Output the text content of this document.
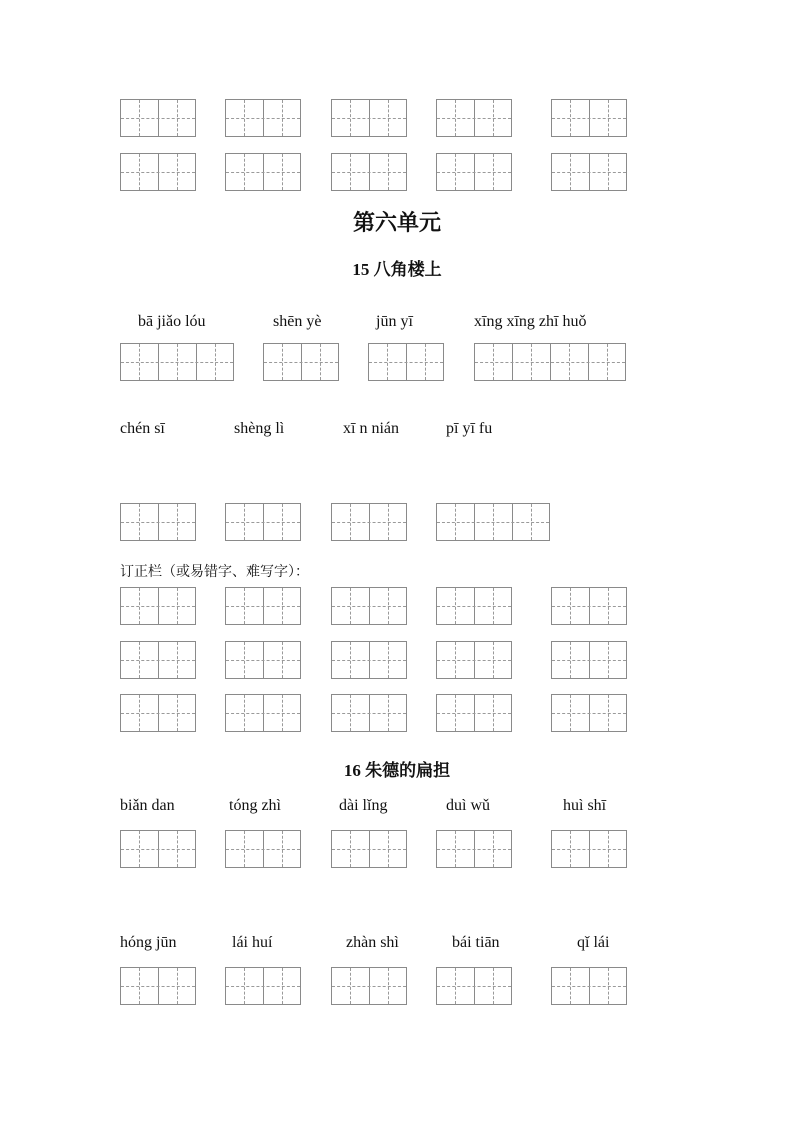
第六单元
15 八角楼上
bā jiǎo lóu	shēn yè	jūn yī	xīng xīng zhī huǒ
chén sī	shèng lì	xī n nián	pī yī fu
订正栏（或易错字、难写字）：
16 朱德的扁担
biǎn dan	tóng zhì	dài lǐng	duì wǔ	huì shī
hóng jūn	lái huí	zhàn shì	bái tiān	qǐ lái
